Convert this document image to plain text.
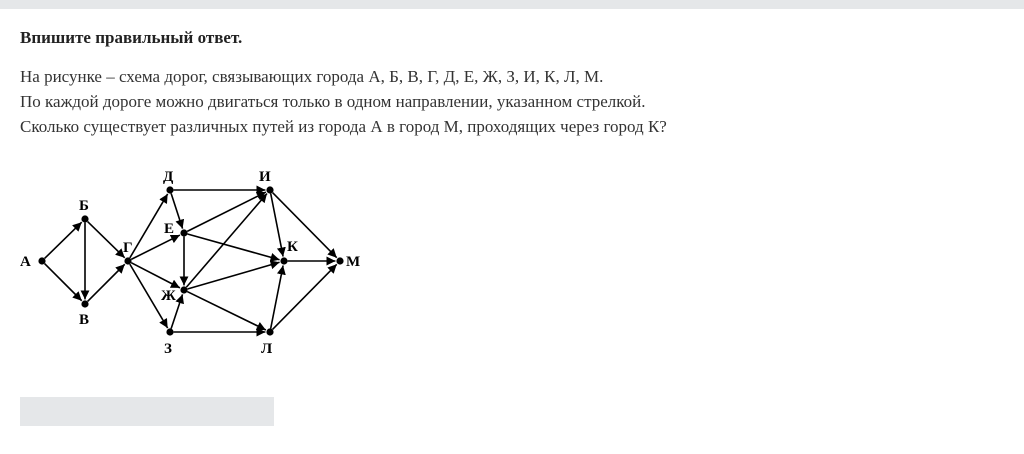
Впишите правильный ответ.
На рисунке – схема дорог, связывающих города А, Б, В, Г, Д, Е, Ж, З, И, К, Л, М.
По каждой дороге можно двигаться только в одном направлении, указанном стрелкой.
Сколько существует различных путей из города А в город М, проходящих через город К?
А
Б
В
Г
Д
Е
Ж
З
И
К
Л
М
